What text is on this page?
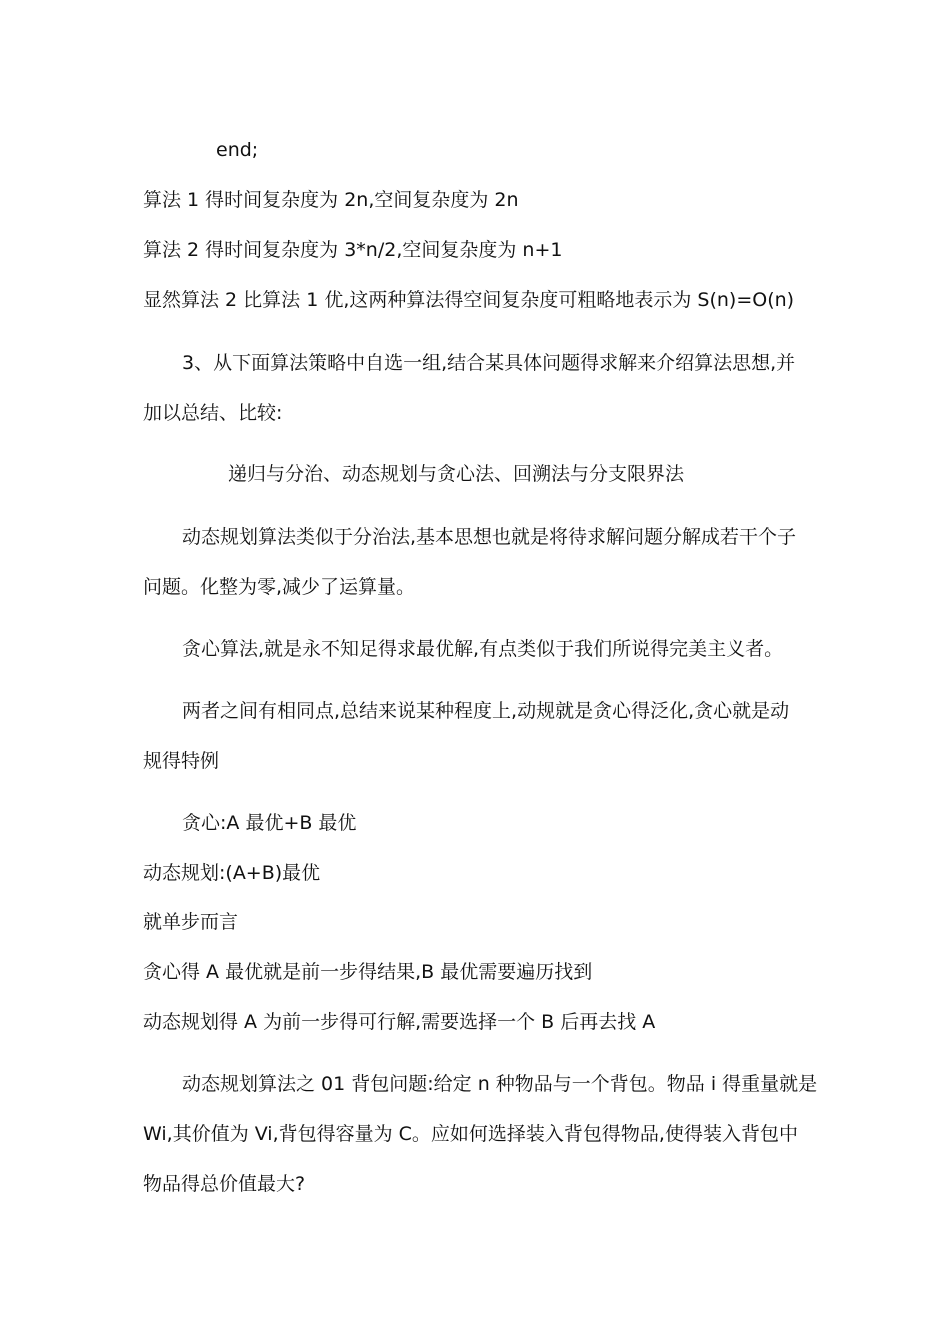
end;
算法 1 得时间复杂度为 2n,空间复杂度为 2n
算法 2 得时间复杂度为 3*n/2,空间复杂度为 n+1
显然算法 2 比算法 1 优,这两种算法得空间复杂度可粗略地表示为 S(n)=O(n)
3、从下面算法策略中自选一组,结合某具体问题得求解来介绍算法思想,并
加以总结、比较:
递归与分治、动态规划与贪心法、回溯法与分支限界法
动态规划算法类似于分治法,基本思想也就是将待求解问题分解成若干个子
问题。化整为零,减少了运算量。
贪心算法,就是永不知足得求最优解,有点类似于我们所说得完美主义者。
两者之间有相同点,总结来说某种程度上,动规就是贪心得泛化,贪心就是动
规得特例
贪心:A 最优+B 最优
动态规划:(A+B)最优
就单步而言
贪心得 A 最优就是前一步得结果,B 最优需要遍历找到
动态规划得 A 为前一步得可行解,需要选择一个 B 后再去找 A
动态规划算法之 01 背包问题:给定 n 种物品与一个背包。物品 i 得重量就是
Wi,其价值为 Vi,背包得容量为 C。应如何选择装入背包得物品,使得装入背包中
物品得总价值最大?
